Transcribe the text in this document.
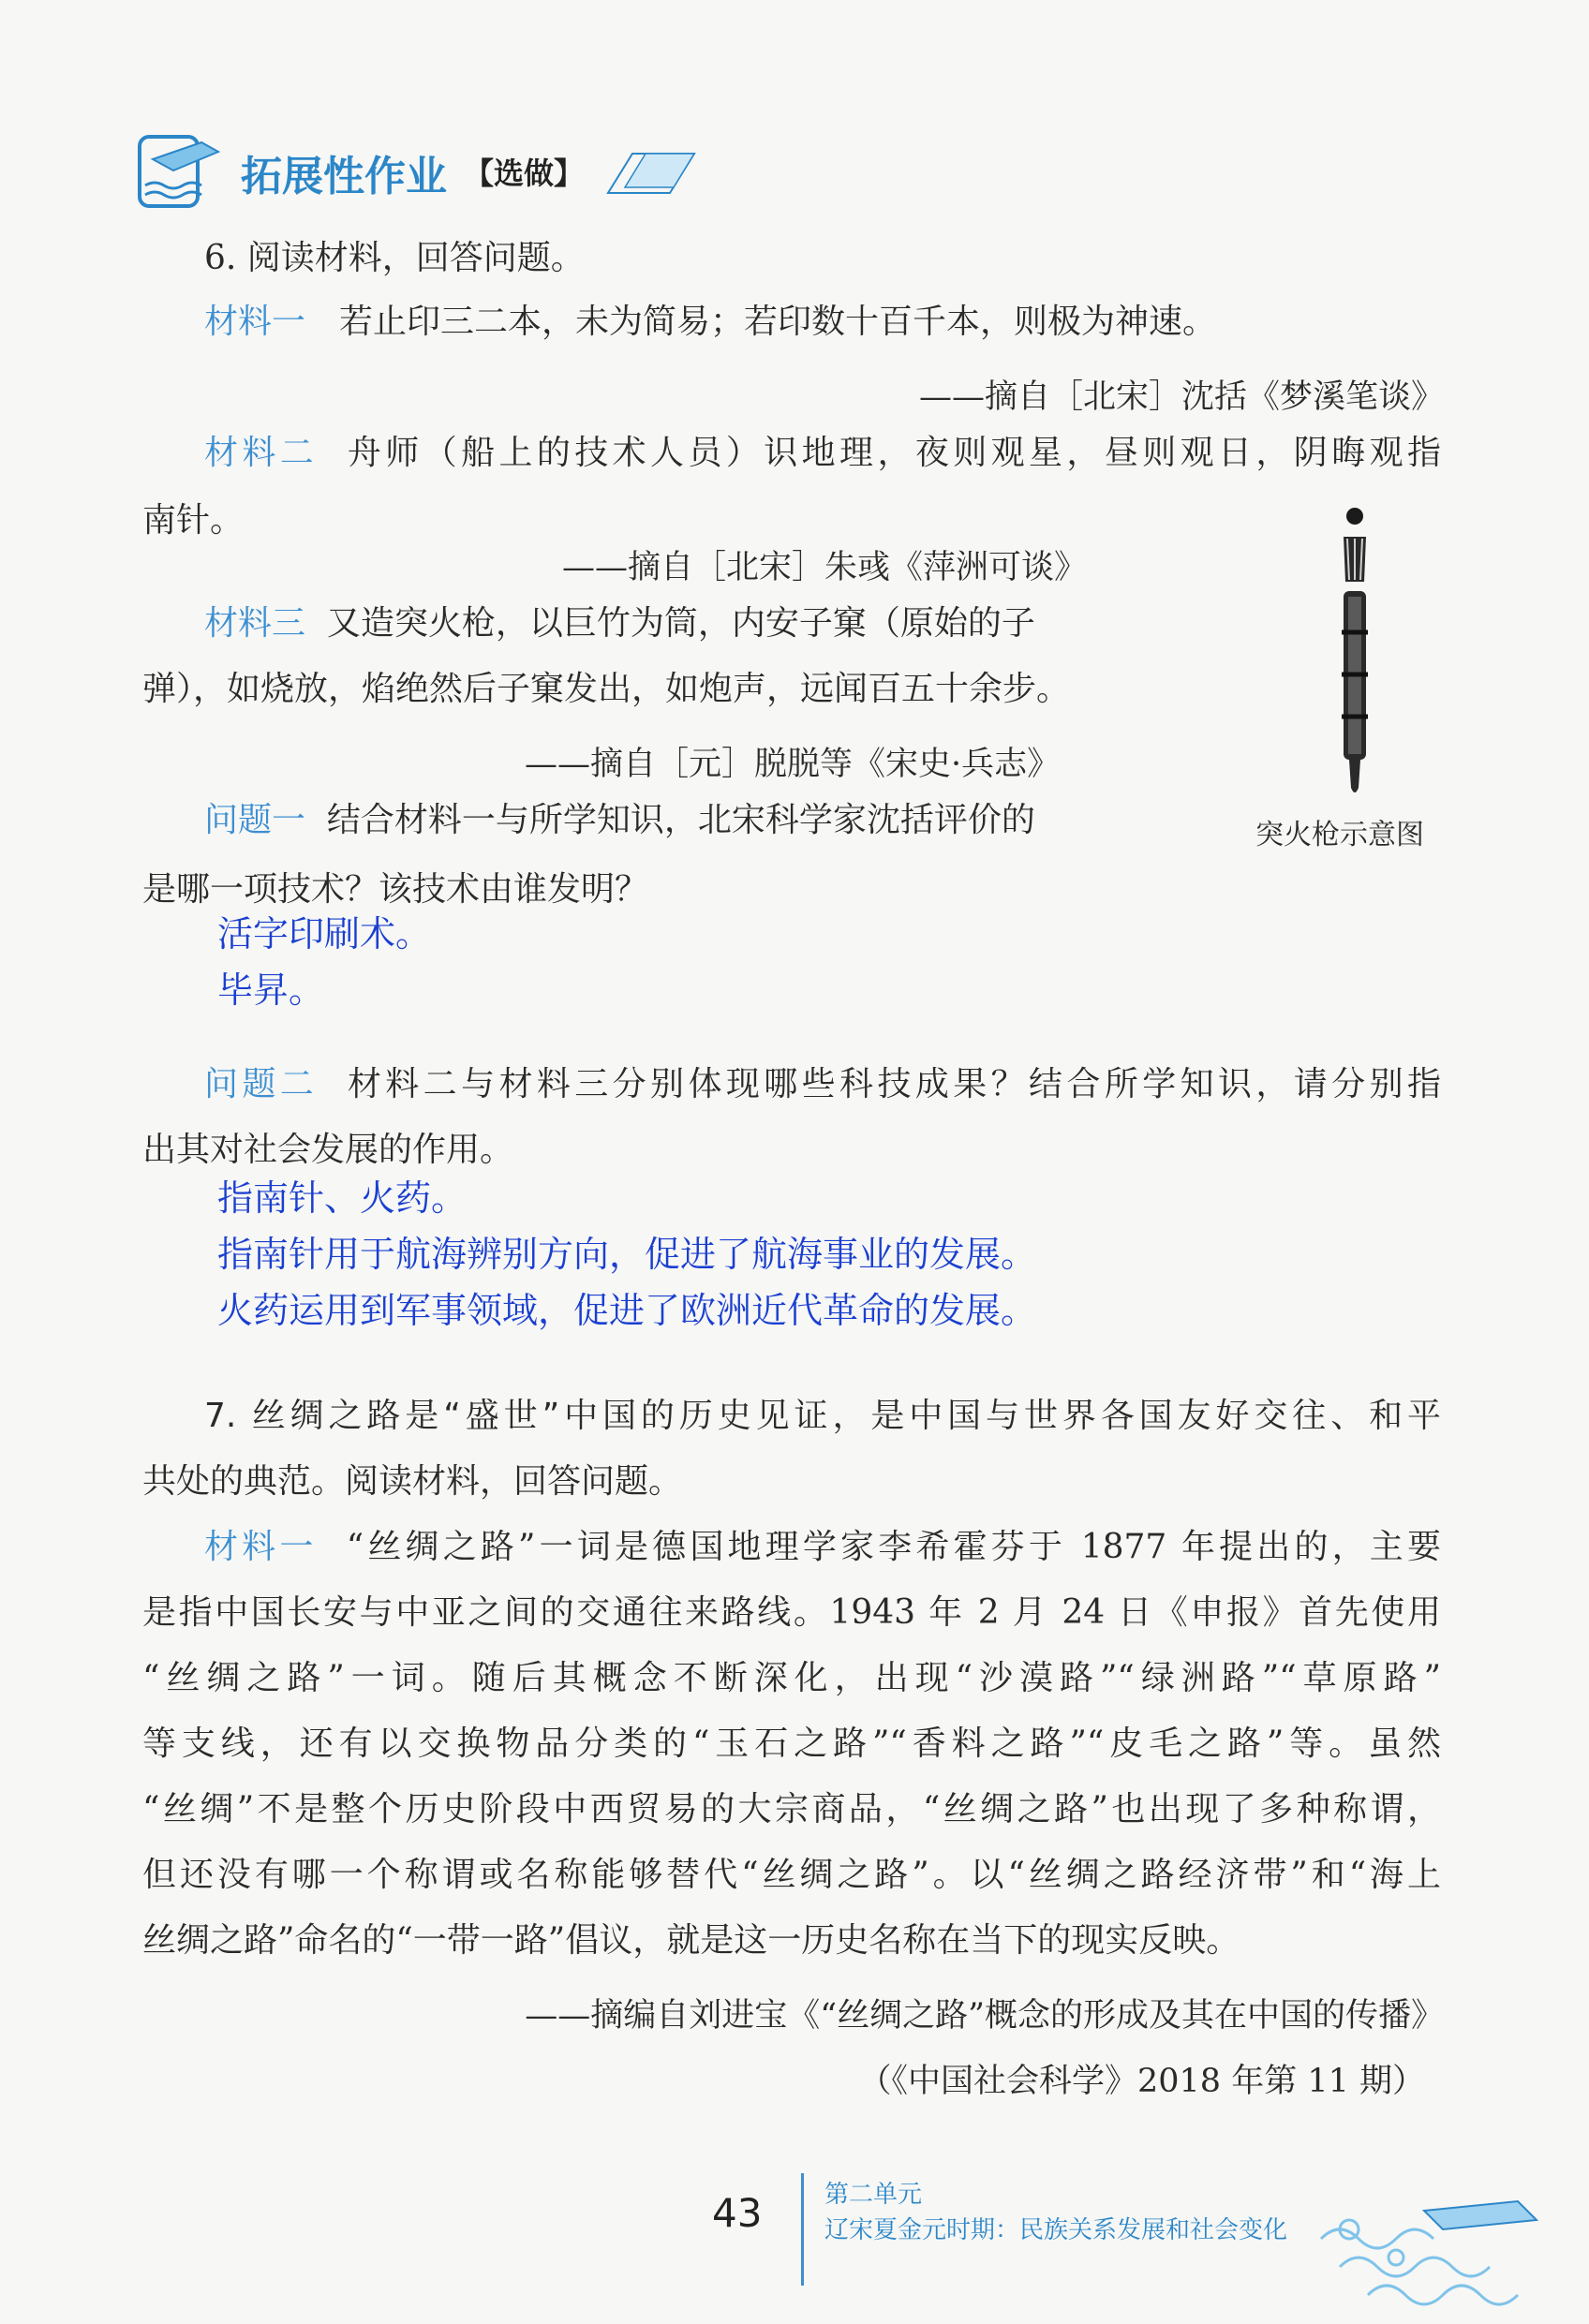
拓展性作业 【选做】
6. 阅读材料，回答问题。
材料一 若止印三二本，未为简易；若印数十百千本，则极为神速。
——摘自［北宋］沈括《梦溪笔谈》
材料二 舟师（船上的技术人员）识地理，夜则观星，昼则观日，阴晦观指
南针。
——摘自［北宋］朱彧《萍洲可谈》
材料三 又造突火枪，以巨竹为筒，内安子窠（原始的子
弹），如烧放，焰绝然后子窠发出，如炮声，远闻百五十余步。
——摘自［元］脱脱等《宋史·兵志》
突火枪示意图
问题一 结合材料一与所学知识，北宋科学家沈括评价的
是哪一项技术？该技术由谁发明？
活字印刷术。
毕昇。
问题二 材料二与材料三分别体现哪些科技成果？结合所学知识，请分别指
出其对社会发展的作用。
指南针、火药。
指南针用于航海辨别方向，促进了航海事业的发展。
火药运用到军事领域，促进了欧洲近代革命的发展。
7. 丝绸之路是“盛世”中国的历史见证，是中国与世界各国友好交往、和平
共处的典范。阅读材料，回答问题。
材料一 “丝绸之路”一词是德国地理学家李希霍芬于 1877 年提出的，主要
是指中国长安与中亚之间的交通往来路线。1943 年 2 月 24 日《申报》首先使用
“丝绸之路”一词。随后其概念不断深化，出现“沙漠路”“绿洲路”“草原路”
等支线，还有以交换物品分类的“玉石之路”“香料之路”“皮毛之路”等。虽然
“丝绸”不是整个历史阶段中西贸易的大宗商品，“丝绸之路”也出现了多种称谓，
但还没有哪一个称谓或名称能够替代“丝绸之路”。以“丝绸之路经济带”和“海上
丝绸之路”命名的“一带一路”倡议，就是这一历史名称在当下的现实反映。
——摘编自刘进宝《“丝绸之路”概念的形成及其在中国的传播》
（《中国社会科学》2018 年第 11 期）
43	第二单元
辽宋夏金元时期：民族关系发展和社会变化
